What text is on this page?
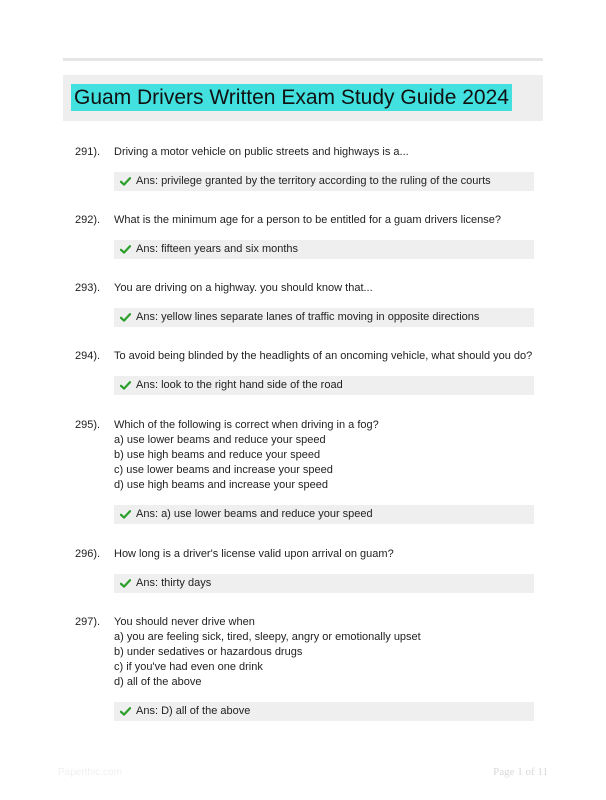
Guam Drivers Written Exam Study Guide 2024
291). Driving a motor vehicle on public streets and highways is a...
Ans: privilege granted by the territory according to the ruling of the courts
292). What is the minimum age for a person to be entitled for a guam drivers license?
Ans: fifteen years and six months
293). You are driving on a highway. you should know that...
Ans: yellow lines separate lanes of traffic moving in opposite directions
294). To avoid being blinded by the headlights of an oncoming vehicle, what should you do?
Ans: look to the right hand side of the road
295). Which of the following is correct when driving in a fog?
a) use lower beams and reduce your speed
b) use high beams and reduce your speed
c) use lower beams and increase your speed
d) use high beams and increase your speed
Ans: a) use lower beams and reduce your speed
296). How long is a driver's license valid upon arrival on guam?
Ans: thirty days
297). You should never drive when
a) you are feeling sick, tired, sleepy, angry or emotionally upset
b) under sedatives or hazardous drugs
c) if you've had even one drink
d) all of the above
Ans: D) all of the above
Paperthic.com	Page 1 of 11
